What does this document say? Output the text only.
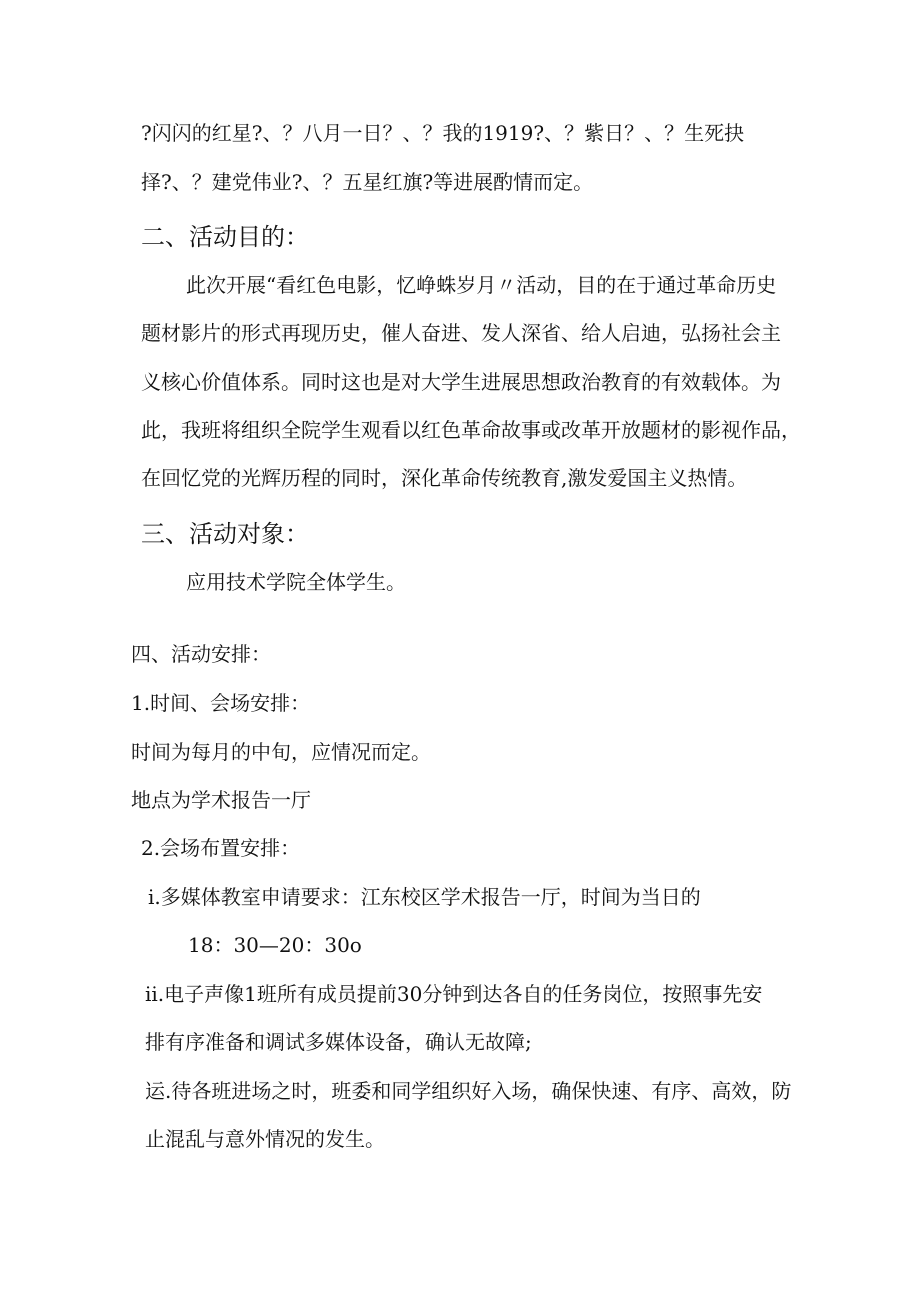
?闪闪的红星?、？八月一日？、？我的1919?、？紫日？、？生死抉
择?、？建党伟业?、？五星红旗?等进展酌情而定。
二、活动目的：
此次开展“看红色电影，忆峥蛛岁月〃活动，目的在于通过革命历史
题材影片的形式再现历史，催人奋进、发人深省、给人启迪，弘扬社会主
义核心价值体系。同时这也是对大学生进展思想政治教育的有效载体。为
此，我班将组织全院学生观看以红色革命故事或改革开放题材的影视作品，
在回忆党的光辉历程的同时，深化革命传统教育,激发爱国主义热情。
三、活动对象：
应用技术学院全体学生。
四、活动安排：
1.时间、会场安排：
时间为每月的中旬，应情况而定。
地点为学术报告一厅
2.会场布置安排：
i.多媒体教室申请要求：江东校区学术报告一厅，时间为当日的
18：30—20：30o
ii.电子声像1班所有成员提前30分钟到达各自的任务岗位，按照事先安
排有序准备和调试多媒体设备，确认无故障;
运.待各班进场之时，班委和同学组织好入场，确保快速、有序、高效，防
止混乱与意外情况的发生。
